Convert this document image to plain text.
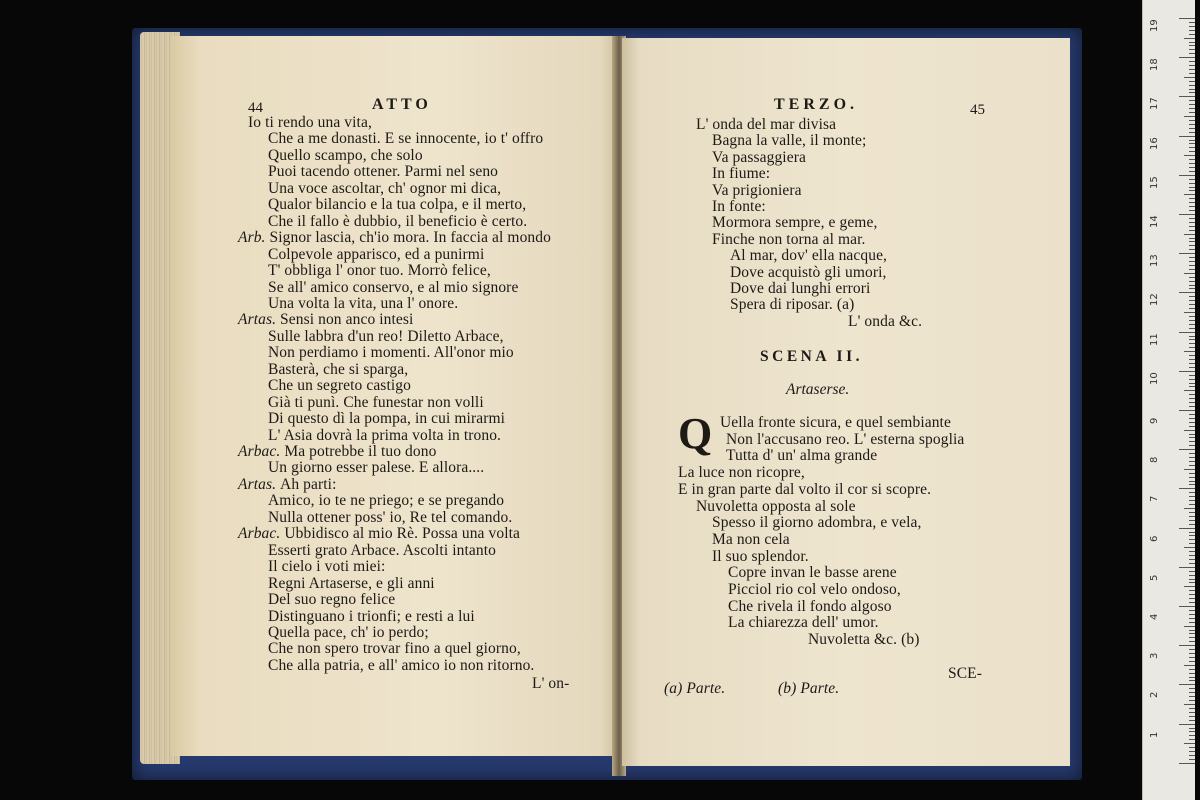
44	ATTO
Io ti rendo una vita,
Che a me donasti. E se innocente, io t' offro
Quello scampo, che solo
Puoi tacendo ottener. Parmi nel seno
Una voce ascoltar, ch' ognor mi dica,
Qualor bilancio e la tua colpa, e il merto,
Che il fallo è dubbio, il beneficio è certo.
Arb. Signor lascia, ch'io mora. In faccia al mondo
Colpevole apparisco, ed a punirmi
T' obbliga l' onor tuo. Morrò felice,
Se all' amico conservo, e al mio signore
Una volta la vita, una l' onore.
Artas. Sensi non anco intesi
Sulle labbra d'un reo! Diletto Arbace,
Non perdiamo i momenti. All'onor mio
Basterà, che si sparga,
Che un segreto castigo
Già ti punì. Che funestar non volli
Di questo dì la pompa, in cui mirarmi
L' Asia dovrà la prima volta in trono.
Arbac. Ma potrebbe il tuo dono
Un giorno esser palese. E allora....
Artas. Ah parti:
Amico, io te ne priego; e se pregando
Nulla ottener poss' io, Re tel comando.
Arbac. Ubbidisco al mio Rè. Possa una volta
Esserti grato Arbace. Ascolti intanto
Il cielo i voti miei:
Regni Artaserse, e gli anni
Del suo regno felice
Distinguano i trionfi; e resti a lui
Quella pace, ch' io perdo;
Che non spero trovar fino a quel giorno,
Che alla patria, e all' amico io non ritorno.
L' on-
TERZO.	45
L' onda del mar divisa
Bagna la valle, il monte;
Va passaggiera
In fiume:
Va prigioniera
In fonte:
Mormora sempre, e geme,
Finche non torna al mar.
Al mar, dov' ella nacque,
Dove acquistò gli umori,
Dove dai lunghi errori
Spera di riposar. (a)
L' onda &c.
SCENA II.
Artaserse.
Q Uella fronte sicura, e quel sembiante
Non l'accusano reo. L' esterna spoglia
Tutta d' un' alma grande
La luce non ricopre,
E in gran parte dal volto il cor si scopre.
Nuvoletta opposta al sole
Spesso il giorno adombra, e vela,
Ma non cela
Il suo splendor.
Copre invan le basse arene
Picciol rio col velo ondoso,
Che rivela il fondo algoso
La chiarezza dell' umor.
Nuvoletta &c. (b)
(a) Parte.	(b) Parte.
SCE-
19
18
17
16
15
14
13
12
11
10
9
8
7
6
5
4
3
2
1
